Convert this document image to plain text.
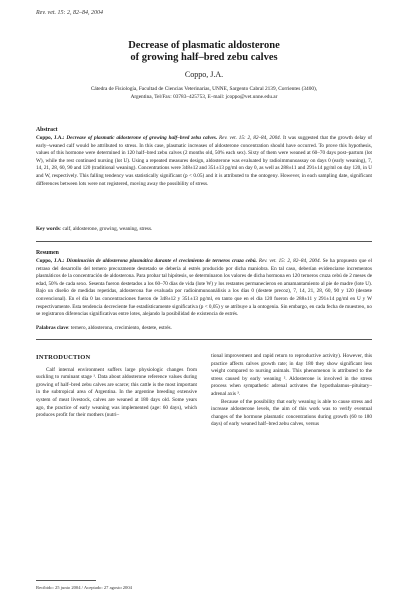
Rev. vet. 15: 2, 82–84, 2004
Decrease of plasmatic aldosterone
of growing half–bred zebu calves
Coppo, J.A.
Cátedra de Fisiología, Facultad de Ciencias Veterinarias, UNNE, Sargento Cabral 2139, Corrientes (3400),
Argentina, Tel/Fax: 03783–425753, E–mail: jcoppo@vet.unne.edu.ar
Abstract
Coppo, J.A.: Decrease of plasmatic aldosterone of growing half–bred zebu calves. Rev. vet. 15: 2, 82–84, 2004. It was suggested that the growth delay of early–weaned calf would be attributed to stress. In this case, plasmatic increases of aldosterone concentration should have occurred. To prove this hypothesis, values of this hormone were determined in 120 half–bred zebu calves (2 months old, 50% each sex). Sixty of them were weaned at 60–70 days post–partum (lot W), while the rest continued nursing (lot U). Using a repeated measures design, aldosterone was evaluated by radioimmunoassay on days 0 (early weaning), 7, 14, 21, 28, 60, 90 and 120 (traditional weaning). Concentrations were 348±12 and 351±13 pg/ml on day 0, as well as 288±11 and 291±14 pg/ml on day 120, in U and W, respectively. This falling tendency was statistically significant (p < 0.05) and it is attributed to the ontogeny. However, in each sampling date, significant differences between lots were not registered, moving away the possibility of stress.
Key words: calf, aldosterone, growing, weaning, stress.
Resumen
Coppo, J.A.: Disminución de aldosterona plasmática durante el crecimiento de terneros cruza cebú. Rev. vet. 15: 2, 82–84, 2004. Se ha propuesto que el retraso del desarrollo del ternero precozmente destetado se debería al estrés producido por dicha maniobra. En tal caso, deberían evidenciarse incrementos plasmáticos de la concentración de aldosterona. Para probar tal hipótesis, se determinaron los valores de dicha hormona en 120 terneros cruza cebú de 2 meses de edad, 50% de cada sexo. Sesenta fueron destetados a los 60–70 días de vida (lote W) y los restantes permanecieron en amamantamiento al pie de madre (lote U). Bajo un diseño de medidas repetidas, aldosterona fue evaluada por radioinmunoanálisis a los días 0 (destete precoz), 7, 14, 21, 28, 60, 90 y 120 (destete convencional). En el día 0 las concentraciones fueron de 348±12 y 351±13 pg/ml, en tanto que en el día 120 fueron de 288±11 y 291±14 pg/ml en U y W respectivamente. Esta tendencia decreciente fue estadísticamente significativa (p < 0,05) y se atribuye a la ontogenia. Sin embargo, en cada fecha de muestreo, no se registraron diferencias significativas entre lotes, alejando la posibilidad de existencia de estrés.
Palabras clave: ternero, aldosterona, crecimiento, destete, estrés.
INTRODUCTION

Calf internal environment suffers large physiologic changes from suckling to ruminant stage ¹. Data about aldosterone reference values during growing of half–bred zebu calves are scarce; this cattle is the most important in the subtropical area of Argentina. In the argentine breeding extensive system of meat livestock, calves are weaned at 180 days old. Some years ago, the practice of early weaning was implemented (age: 60 days), which produces profit for their mothers (nutri–

tional improvement and rapid return to reproductive activity). However, this practice affects calves growth rate; in day 180 they show significant less weight compared to nursing animals. This phenomenon is attributed to the stress caused by early weaning ². Aldosterone is involved in the stress process when sympathetic adrenal activates the hypothalamus–pituitary–adrenal axis ³.

Because of the possibility that early weaning is able to cause stress and increase aldosterone levels, the aim of this work was to verify eventual changes of the hormone plasmatic concentrations during growth (60 to 180 days) of early weaned half–bred zebu calves, versus

Recibido: 25 junio 2004 / Aceptado: 27 agosto 2004
